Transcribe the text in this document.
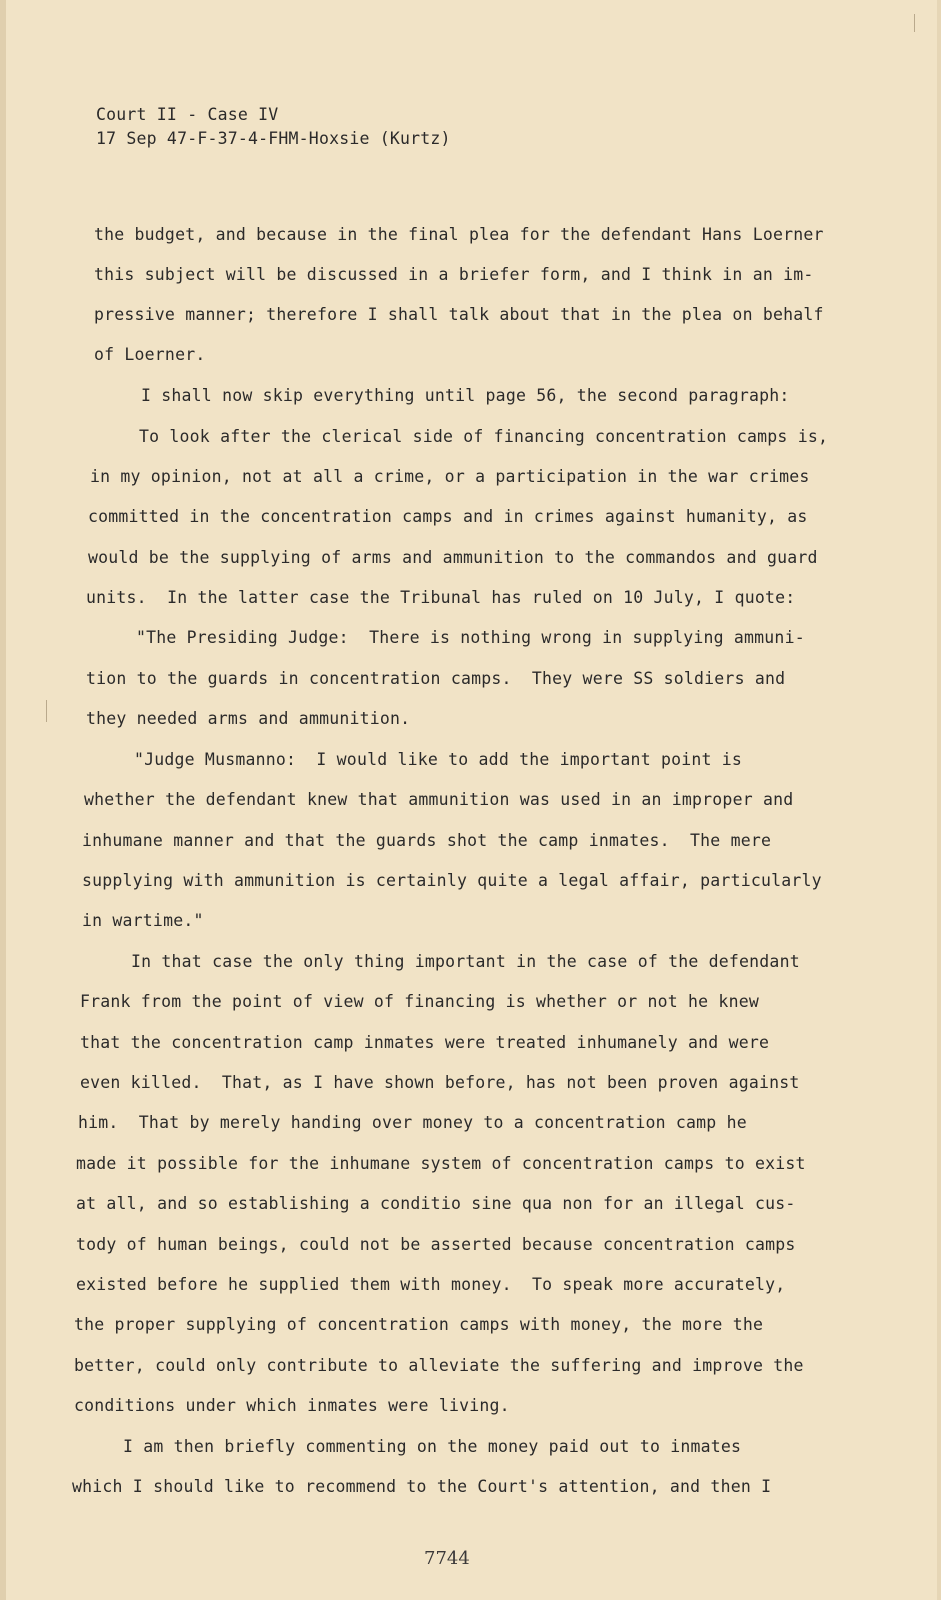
Court II - Case IV
17 Sep 47-F-37-4-FHM-Hoxsie (Kurtz)
the budget, and because in the final plea for the defendant Hans Loerner
this subject will be discussed in a briefer form, and I think in an im-
pressive manner; therefore I shall talk about that in the plea on behalf
of Loerner.
I shall now skip everything until page 56, the second paragraph:
To look after the clerical side of financing concentration camps is,
in my opinion, not at all a crime, or a participation in the war crimes
committed in the concentration camps and in crimes against humanity, as
would be the supplying of arms and ammunition to the commandos and guard
units.  In the latter case the Tribunal has ruled on 10 July, I quote:
"The Presiding Judge:  There is nothing wrong in supplying ammuni-
tion to the guards in concentration camps.  They were SS soldiers and
they needed arms and ammunition.
"Judge Musmanno:  I would like to add the important point is
whether the defendant knew that ammunition was used in an improper and
inhumane manner and that the guards shot the camp inmates.  The mere
supplying with ammunition is certainly quite a legal affair, particularly
in wartime."
In that case the only thing important in the case of the defendant
Frank from the point of view of financing is whether or not he knew
that the concentration camp inmates were treated inhumanely and were
even killed.  That, as I have shown before, has not been proven against
him.  That by merely handing over money to a concentration camp he
made it possible for the inhumane system of concentration camps to exist
at all, and so establishing a conditio sine qua non for an illegal cus-
tody of human beings, could not be asserted because concentration camps
existed before he supplied them with money.  To speak more accurately,
the proper supplying of concentration camps with money, the more the
better, could only contribute to alleviate the suffering and improve the
conditions under which inmates were living.
I am then briefly commenting on the money paid out to inmates
which I should like to recommend to the Court's attention, and then I
7744
